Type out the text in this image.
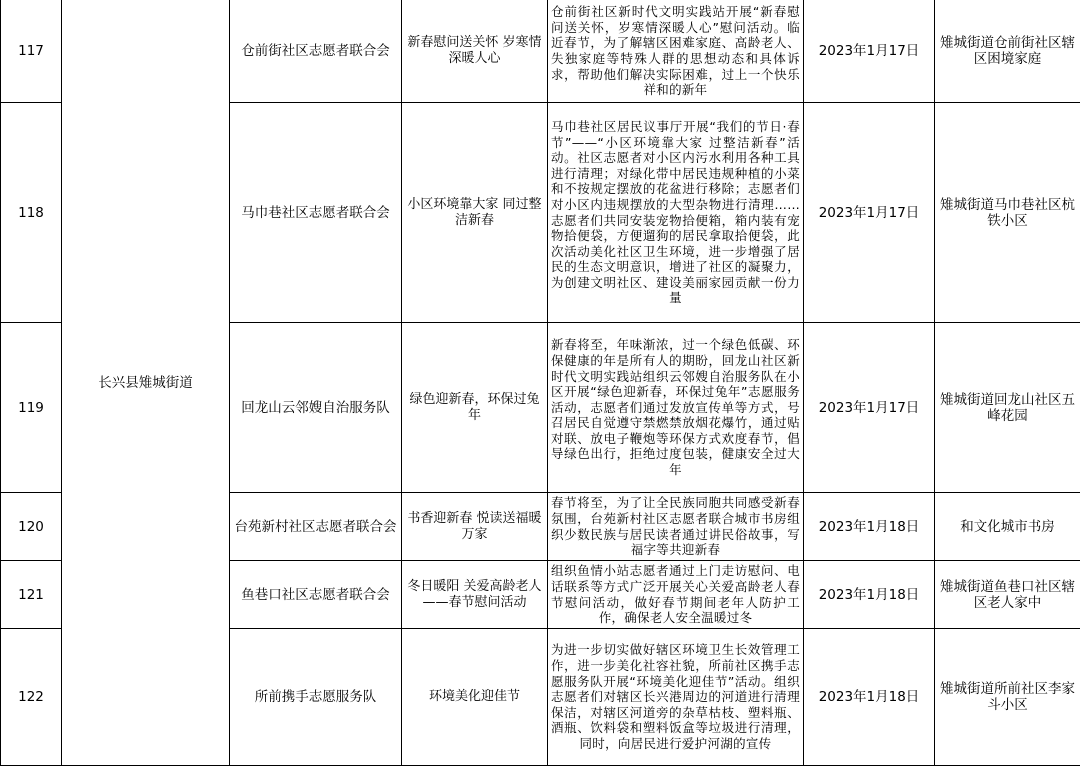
117	长兴县雉城街道	仓前街社区志愿者联合会	新春慰问送关怀 岁寒情深暖人心	仓前街社区新时代文明实践站开展“新春慰问送关怀，岁寒情深暖人心”慰问活动。临近春节，为了解辖区困难家庭、高龄老人、失独家庭等特殊人群的思想动态和具体诉求，帮助他们解决实际困难，过上一个快乐祥和的新年	2023年1月17日	雉城街道仓前街社区辖区困境家庭
118		马巾巷社区志愿者联合会	小区环境靠大家 同过整洁新春	马巾巷社区居民议事厅开展“我们的节日·春节”——“小区环境靠大家 过整洁新春”活动。社区志愿者对小区内污水利用各种工具进行清理；对绿化带中居民违规种植的小菜和不按规定摆放的花盆进行移除；志愿者们对小区内违规摆放的大型杂物进行清理……志愿者们共同安装宠物拾便箱，箱内装有宠物拾便袋，方便遛狗的居民拿取拾便袋，此次活动美化社区卫生环境，进一步增强了居民的生态文明意识，增进了社区的凝聚力，为创建文明社区、建设美丽家园贡献一份力量	2023年1月17日	雉城街道马巾巷社区杭铁小区
119		回龙山云邻嫂自治服务队	绿色迎新春，环保过兔年	新春将至，年味渐浓，过一个绿色低碳、环保健康的年是所有人的期盼，回龙山社区新时代文明实践站组织云邻嫂自治服务队在小区开展“绿色迎新春，环保过兔年”志愿服务活动，志愿者们通过发放宣传单等方式，号召居民自觉遵守禁燃禁放烟花爆竹，通过贴对联、放电子鞭炮等环保方式欢度春节，倡导绿色出行，拒绝过度包装，健康安全过大年	2023年1月17日	雉城街道回龙山社区五峰花园
120		台苑新村社区志愿者联合会	书香迎新春 悦读送福暖万家	春节将至，为了让全民族同胞共同感受新春氛围，台苑新村社区志愿者联合城市书房组织少数民族与居民读者通过讲民俗故事，写福字等共迎新春	2023年1月18日	和文化城市书房
121		鱼巷口社区志愿者联合会	冬日暖阳 关爱高龄老人——春节慰问活动	组织鱼情小站志愿者通过上门走访慰问、电话联系等方式广泛开展关心关爱高龄老人春节慰问活动，做好春节期间老年人防护工作，确保老人安全温暖过冬	2023年1月18日	雉城街道鱼巷口社区辖区老人家中
122		所前携手志愿服务队	环境美化迎佳节	为进一步切实做好辖区环境卫生长效管理工作，进一步美化社容社貌，所前社区携手志愿服务队开展“环境美化迎佳节”活动。组织志愿者们对辖区长兴港周边的河道进行清理保洁，对辖区河道旁的杂草枯枝、塑料瓶、酒瓶、饮料袋和塑料饭盒等垃圾进行清理，同时，向居民进行爱护河湖的宣传	2023年1月18日	雉城街道所前社区李家斗小区
